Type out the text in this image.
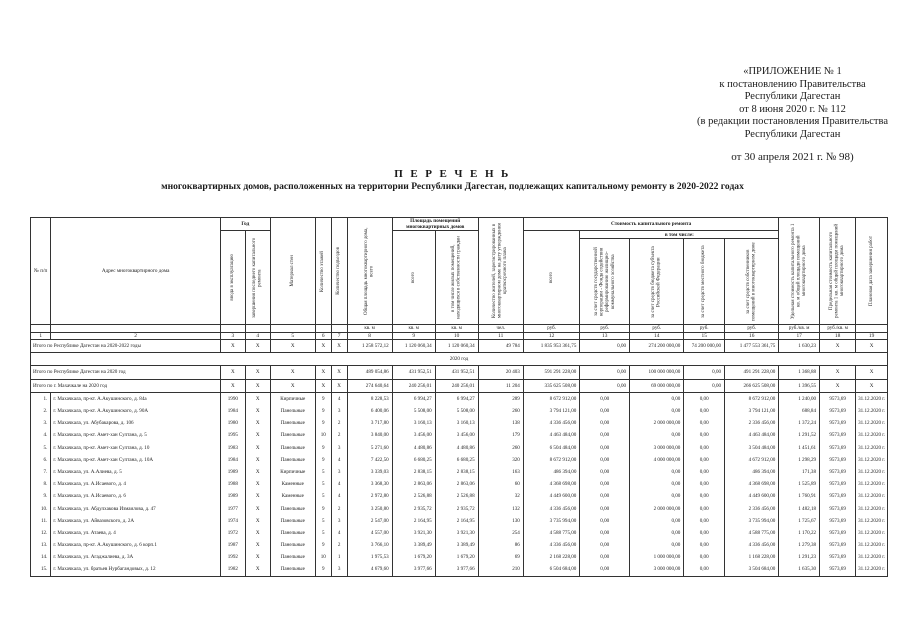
«ПРИЛОЖЕНИЕ № 1
к постановлению Правительства
Республики Дагестан
от 8 июня 2020 г. № 112
(в редакции постановления Правительства
Республики Дагестан
от 30 апреля 2021 г. № 98)
П Е Р Е Ч Е Н Ь
многоквартирных домов, расположенных на территории Республики Дагестан, подлежащих капитальному ремонту в 2020-2022 годах
№ п/п	Адрес многоквартирного дома	Год		Материал стен	Количество этажей	Количество подъездов	Общая площадь многоквартирного дома, всего	Площадь помещений многоквартирных домов		Количество жителей, зарегистрированных в многоквартирном доме на дату утверждения краткосрочного плана	Стоимость капитального ремонта					Удельная стоимость капитального ремонта 1 кв. м общей площади помещений многоквартирного дома	Предельная стоимость капитального ремонта 1 кв. м общей площади помещений многоквартирного дома	Плановая дата завершения работ

		ввода в эксплуатацию	завершения последнего капитального ремонта					всего	в том числе жилых помещений, находящихся в собственности граждан		всего	в том числе:						

												за счет средств государственной корпорации - Фонда содействия реформированию жилищно-коммунального хозяйства	за счет средств бюджета субъекта Российской Федерации	за счет средств местного бюджета	за счет средств собственников помещений в многоквартирном доме			

							кв. м	кв. м	кв. м	чел.	руб.	руб.	руб.	руб.	руб.	руб./кв. м	руб./кв. м	
1	2	3	4	5	6	7	8	9	10	11	12	13	14	15	16	17	18	19
Итого по Республике Дагестан на 2020-2022 годы		X	X	X	X	X	1 258 572,12	1 120 060,34	1 120 060,34	49 784	1 835 953 361,75	0,00	274 200 000,00	74 200 000,00	1 477 553 361,75	1 630,23	X	X
2020 год																		
Итого по Республике Дагестан на 2020 год		X	X	X	X	X	489 054,86	431 952,51	431 952,51	20 403	591 291 228,00	0,00	100 000 000,00	0,00	491 291 228,00	1 368,88	X	X
Итого по г. Махачкале на 2020 год		X	X	X	X	X	274 640,64	240 256,01	240 256,01	11 204	335 625 508,00	0,00	69 000 000,00	0,00	266 625 508,00	1 396,55	X	X
1.	г. Махачкала, пр-кт. А.Акушинского, д. 84а	1990	X	Кирпичные	9	4	8 228,53	6 994,27	6 994,27	289	8 672 912,00	0,00	0,00	0,00	8 672 912,00	1 240,00	9573,69	31.12.2020 г.
2.	г. Махачкала, пр-кт. А.Акушинского, д. 90А	1984	X	Панельные	9	3	6 400,06	5 508,00	5 508,00	260	3 794 121,00	0,00	0,00	0,00	3 794 121,00	688,84	9573,69	31.12.2020 г.
3.	г. Махачкала, ул. Абубакарова, д. 106	1980	X	Панельные	9	2	3 717,80	3 160,13	3 160,13	138	4 336 456,00	0,00	2 000 000,00	0,00	2 336 456,00	1 372,24	9573,69	31.12.2020 г.
4.	г. Махачкала, пр-кт. Амет-хан Султана, д. 5	1995	X	Панельные	10	2	3 840,00	3 456,00	3 456,00	179	4 463 484,00	0,00	0,00	0,00	4 463 484,00	1 291,52	9573,69	31.12.2020 г.
5.	г. Махачкала, пр-кт. Амет-хан Султана, д. 10	1983	X	Панельные	9	3	5 271,60	4 480,86	4 480,86	260	6 504 484,00	0,00	3 000 000,00	0,00	3 504 484,00	1 451,61	9573,69	31.12.2020 г.
6.	г. Махачкала, пр-кт. Амет-хан Султана, д. 10А	1984	X	Панельные	9	4	7 422,50	6 680,25	6 680,25	320	8 672 912,00	0,00	4 000 000,00	0,00	4 672 912,00	1 298,29	9573,69	31.12.2020 г.
7.	г. Махачкала, ул. А.Алиева, д. 5	1989	X	Кирпичные	5	3	3 339,03	2 838,15	2 838,15	163	486 394,00	0,00	0,00	0,00	486 394,00	171,38	9573,69	31.12.2020 г.
8.	г. Махачкала, ул. А.Исаевого, д. 4	1988	X	Каменные	5	4	3 368,30	2 863,06	2 863,06	60	4 368 698,00	0,00	0,00	0,00	4 368 698,00	1 525,89	9573,69	31.12.2020 г.
9.	г. Махачкала, ул. А.Исаевого, д. 6	1989	X	Каменные	5	4	2 972,80	2 526,88	2 526,88	32	4 449 600,00	0,00	0,00	0,00	4 449 600,00	1 760,91	9573,69	31.12.2020 г.
10.	г. Махачкала, ул. Абдулхакова Измаилова, д. 47	1977	X	Панельные	9	2	3 250,80	2 935,72	2 935,72	132	4 336 456,00	0,00	2 000 000,00	0,00	2 336 456,00	1 482,18	9573,69	31.12.2020 г.
11.	г. Махачкала, ул. Айвазовского, д. 2А	1974	X	Панельные	5	3	2 547,00	2 164,95	2 164,95	130	3 735 994,00	0,00	0,00	0,00	3 735 994,00	1 725,67	9573,69	31.12.2020 г.
12.	г. Махачкала, ул. Атаева, д. 4	1972	X	Панельные	5	4	4 557,00	3 921,30	3 921,30	254	4 588 775,00	0,00	0,00	0,00	4 588 775,00	1 170,22	9573,69	31.12.2020 г.
13.	г. Махачкала, пр-кт. А.Акушинского, д. 6 корп.1	1987	X	Панельные	9	2	3 766,10	3 389,49	3 389,49	86	4 336 456,00	0,00	0,00	0,00	4 336 456,00	1 279,38	9573,69	31.12.2020 г.
14.	г. Махачкала, ул. Агаджалиева, д. 3А	1992	X	Панельные	10	1	1 975,53	1 679,20	1 679,20	69	2 168 228,00	0,00	1 000 000,00	0,00	1 168 228,00	1 291,23	9573,69	31.12.2020 г.
15.	г. Махачкала, ул. братьев Нурбагандовых, д. 12	1982	X	Панельные	9	3	4 679,60	3 977,66	3 977,66	210	6 504 684,00	0,00	3 000 000,00	0,00	3 504 684,00	1 635,30	9573,69	31.12.2020 г.
